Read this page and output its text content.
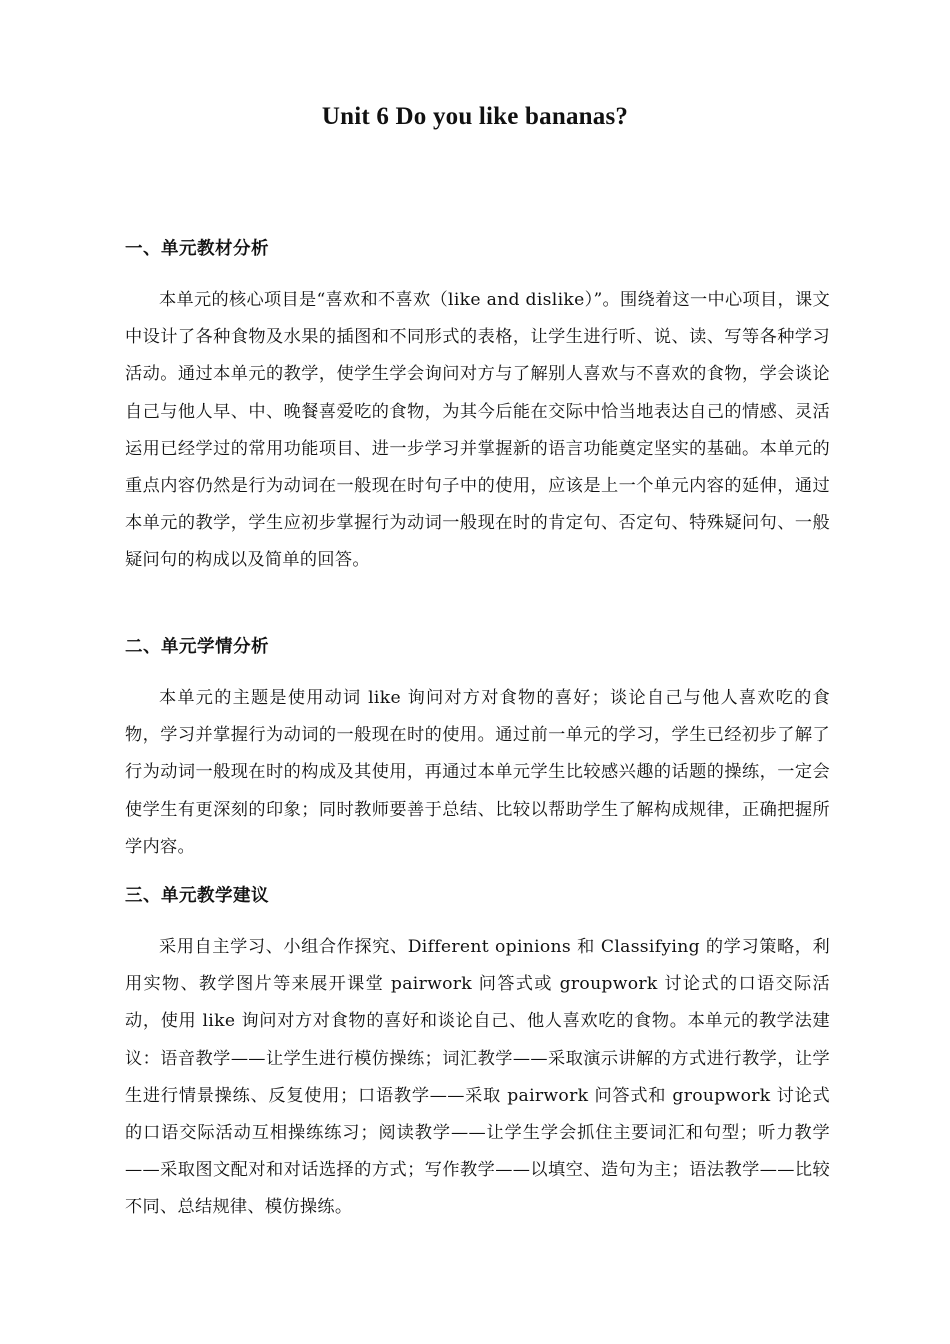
Unit 6 Do you like bananas?
一、单元教材分析
本单元的核心项目是“喜欢和不喜欢（like and dislike）”。围绕着这一中心项目，课文中设计了各种食物及水果的插图和不同形式的表格，让学生进行听、说、读、写等各种学习活动。通过本单元的教学，使学生学会询问对方与了解别人喜欢与不喜欢的食物，学会谈论自己与他人早、中、晚餐喜爱吃的食物，为其今后能在交际中恰当地表达自己的情感、灵活运用已经学过的常用功能项目、进一步学习并掌握新的语言功能奠定坚实的基础。本单元的重点内容仍然是行为动词在一般现在时句子中的使用，应该是上一个单元内容的延伸，通过本单元的教学，学生应初步掌握行为动词一般现在时的肯定句、否定句、特殊疑问句、一般疑问句的构成以及简单的回答。
二、单元学情分析
本单元的主题是使用动词 like 询问对方对食物的喜好；谈论自己与他人喜欢吃的食物，学习并掌握行为动词的一般现在时的使用。通过前一单元的学习，学生已经初步了解了行为动词一般现在时的构成及其使用，再通过本单元学生比较感兴趣的话题的操练，一定会使学生有更深刻的印象；同时教师要善于总结、比较以帮助学生了解构成规律，正确把握所学内容。
三、单元教学建议
采用自主学习、小组合作探究、Different opinions 和 Classifying 的学习策略，利用实物、教学图片等来展开课堂 pairwork 问答式或 groupwork 讨论式的口语交际活动，使用 like 询问对方对食物的喜好和谈论自己、他人喜欢吃的食物。本单元的教学法建议：语音教学——让学生进行模仿操练；词汇教学——采取演示讲解的方式进行教学，让学生进行情景操练、反复使用；口语教学——采取 pairwork 问答式和 groupwork 讨论式的口语交际活动互相操练练习；阅读教学——让学生学会抓住主要词汇和句型；听力教学——采取图文配对和对话选择的方式；写作教学——以填空、造句为主；语法教学——比较不同、总结规律、模仿操练。
